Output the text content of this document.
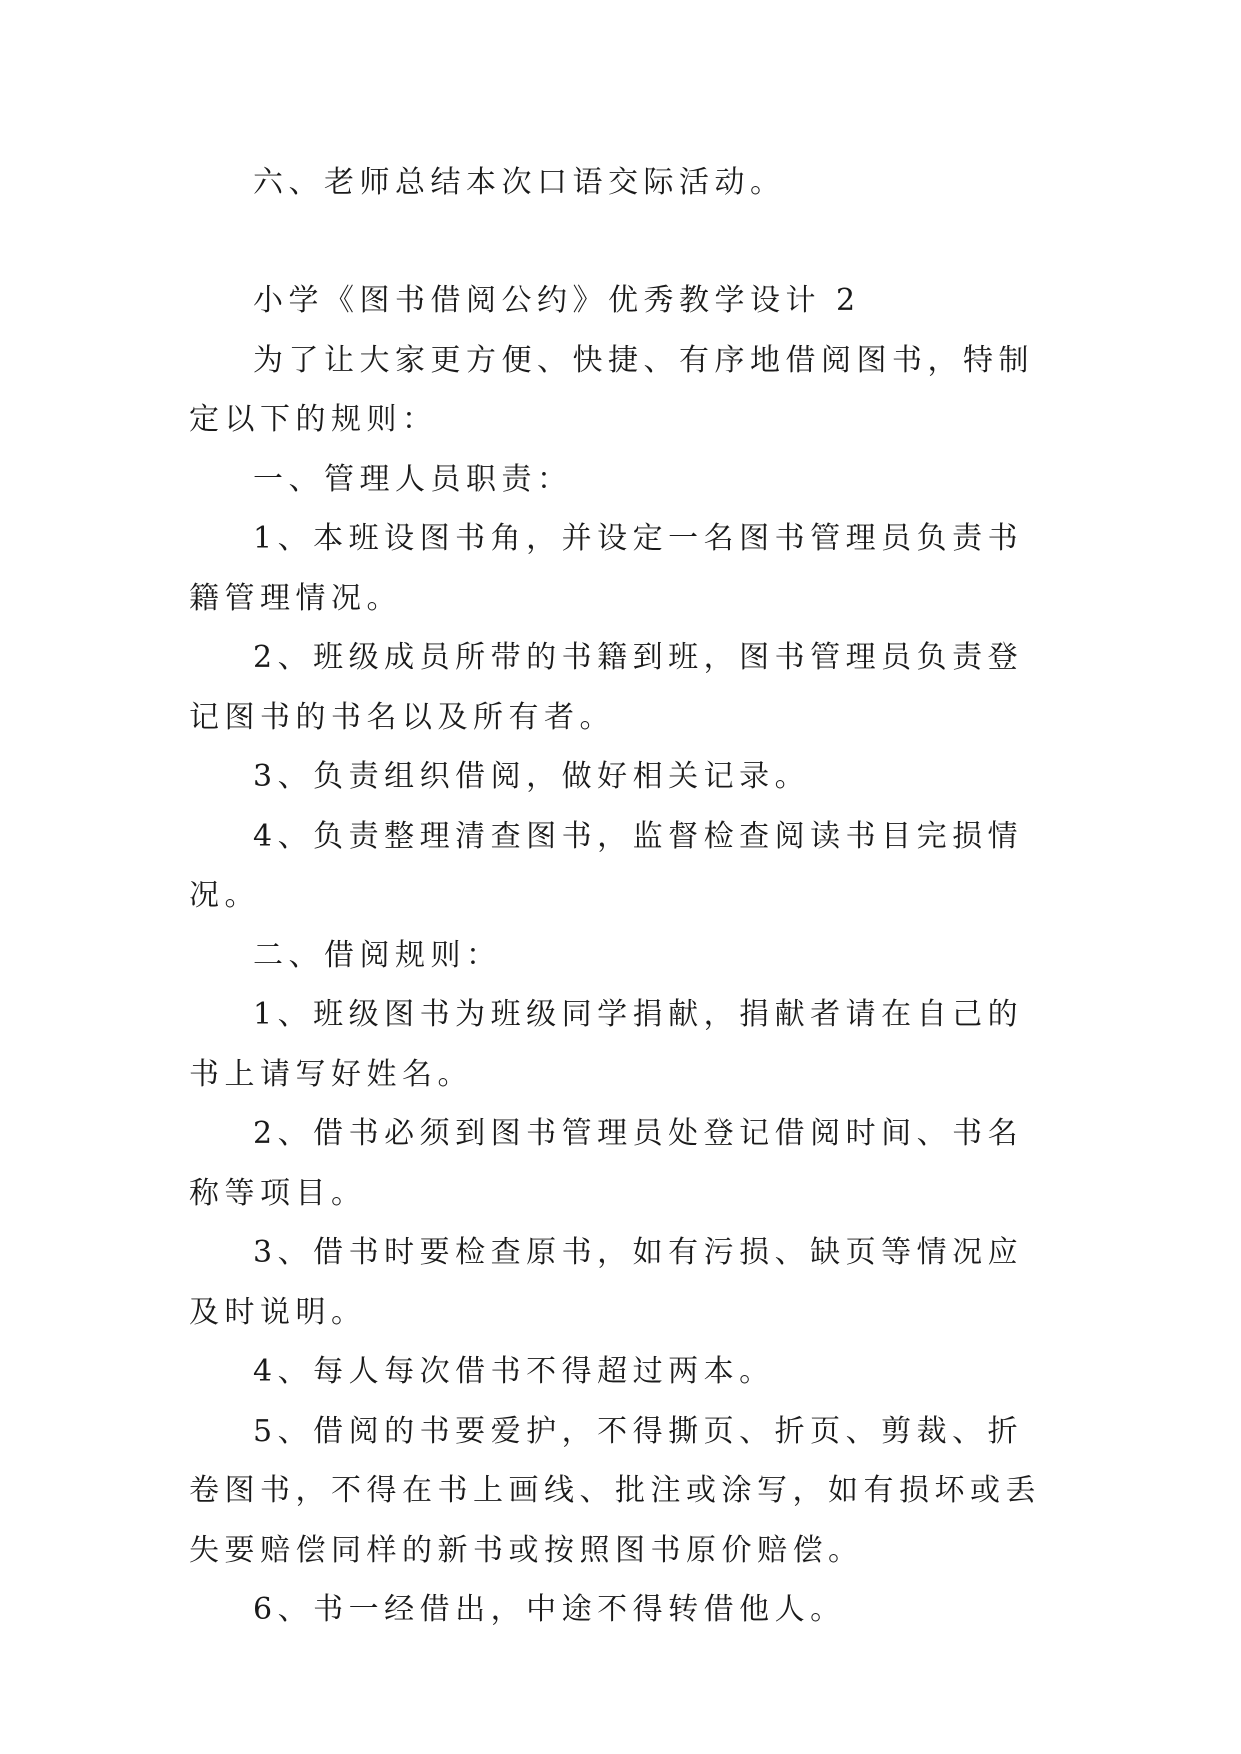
六、老师总结本次口语交际活动。

小学《图书借阅公约》优秀教学设计 2

为了让大家更方便、快捷、有序地借阅图书，特制定以下的规则：

一、管理人员职责：

1、本班设图书角，并设定一名图书管理员负责书籍管理情况。

2、班级成员所带的书籍到班，图书管理员负责登记图书的书名以及所有者。

3、负责组织借阅，做好相关记录。

4、负责整理清查图书，监督检查阅读书目完损情况。

二、借阅规则：

1、班级图书为班级同学捐献，捐献者请在自己的书上请写好姓名。

2、借书必须到图书管理员处登记借阅时间、书名称等项目。

3、借书时要检查原书，如有污损、缺页等情况应及时说明。

4、每人每次借书不得超过两本。

5、借阅的书要爱护，不得撕页、折页、剪裁、折卷图书，不得在书上画线、批注或涂写，如有损坏或丢失要赔偿同样的新书或按照图书原价赔偿。

6、书一经借出，中途不得转借他人。
